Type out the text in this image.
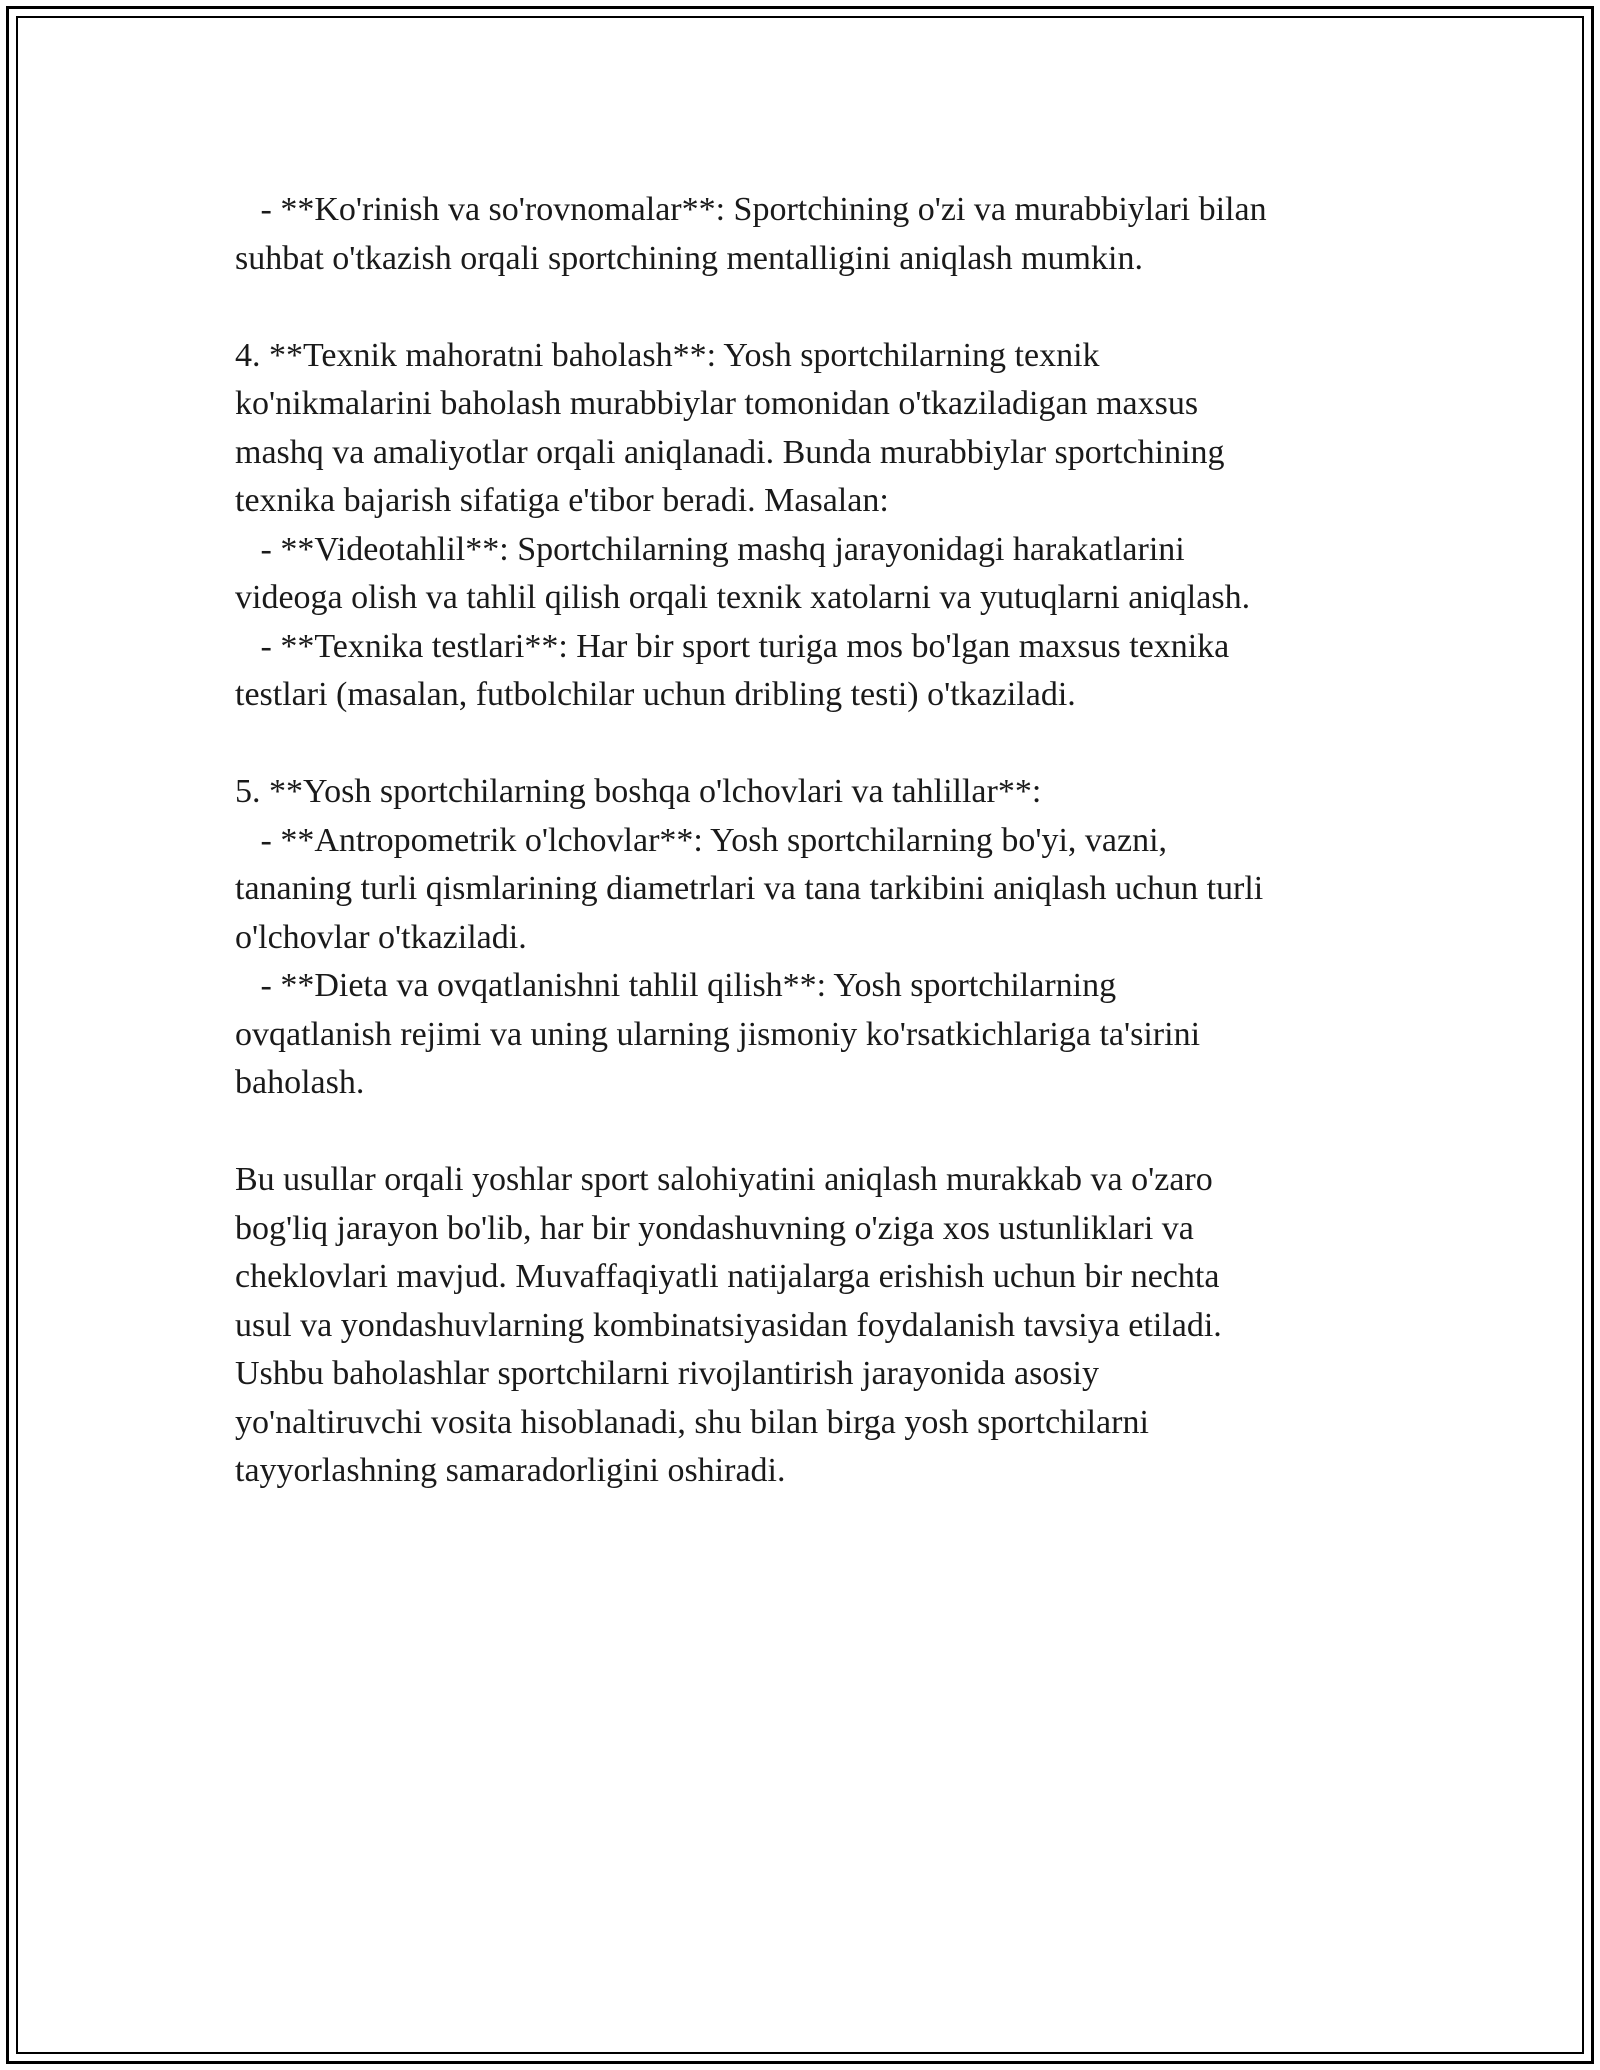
- **Ko'rinish va so'rovnomalar**: Sportchining o'zi va murabbiylari bilan
suhbat o'tkazish orqali sportchining mentalligini aniqlash mumkin.
4. **Texnik mahoratni baholash**: Yosh sportchilarning texnik
ko'nikmalarini baholash murabbiylar tomonidan o'tkaziladigan maxsus
mashq va amaliyotlar orqali aniqlanadi. Bunda murabbiylar sportchining
texnika bajarish sifatiga e'tibor beradi. Masalan:
- **Videotahlil**: Sportchilarning mashq jarayonidagi harakatlarini
videoga olish va tahlil qilish orqali texnik xatolarni va yutuqlarni aniqlash.
- **Texnika testlari**: Har bir sport turiga mos bo'lgan maxsus texnika
testlari (masalan, futbolchilar uchun dribling testi) o'tkaziladi.
5. **Yosh sportchilarning boshqa o'lchovlari va tahlillar**:
- **Antropometrik o'lchovlar**: Yosh sportchilarning bo'yi, vazni,
tananing turli qismlarining diametrlari va tana tarkibini aniqlash uchun turli
o'lchovlar o'tkaziladi.
- **Dieta va ovqatlanishni tahlil qilish**: Yosh sportchilarning
ovqatlanish rejimi va uning ularning jismoniy ko'rsatkichlariga ta'sirini
baholash.
Bu usullar orqali yoshlar sport salohiyatini aniqlash murakkab va o'zaro
bog'liq jarayon bo'lib, har bir yondashuvning o'ziga xos ustunliklari va
cheklovlari mavjud. Muvaffaqiyatli natijalarga erishish uchun bir nechta
usul va yondashuvlarning kombinatsiyasidan foydalanish tavsiya etiladi.
Ushbu baholashlar sportchilarni rivojlantirish jarayonida asosiy
yo'naltiruvchi vosita hisoblanadi, shu bilan birga yosh sportchilarni
tayyorlashning samaradorligini oshiradi.
